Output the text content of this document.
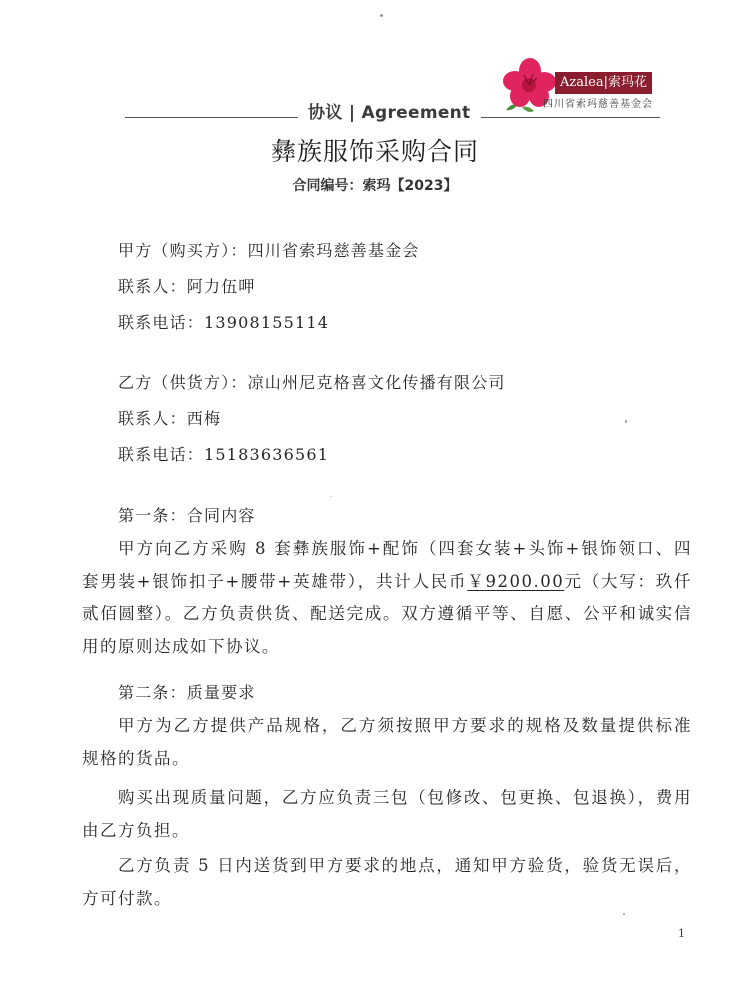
协议 | Agreement
Azalea|索玛花
四川省索玛慈善基金会
彝族服饰采购合同
合同编号：索玛【2023】
甲方（购买方）：四川省索玛慈善基金会
联系人：阿力伍呷
联系电话：13908155114
乙方（供货方）：凉山州尼克格喜文化传播有限公司
联系人：西梅
联系电话：15183636561
第一条：合同内容
甲方向乙方采购 8 套彝族服饰+配饰（四套女装+头饰+银饰领口、四套男装+银饰扣子+腰带+英雄带），共计人民币￥9200.00元（大写：玖仟贰佰圆整）。乙方负责供货、配送完成。双方遵循平等、自愿、公平和诚实信用的原则达成如下协议。
第二条：质量要求
甲方为乙方提供产品规格，乙方须按照甲方要求的规格及数量提供标准规格的货品。
购买出现质量问题，乙方应负责三包（包修改、包更换、包退换），费用由乙方负担。
乙方负责 5 日内送货到甲方要求的地点，通知甲方验货，验货无误后，方可付款。
1
